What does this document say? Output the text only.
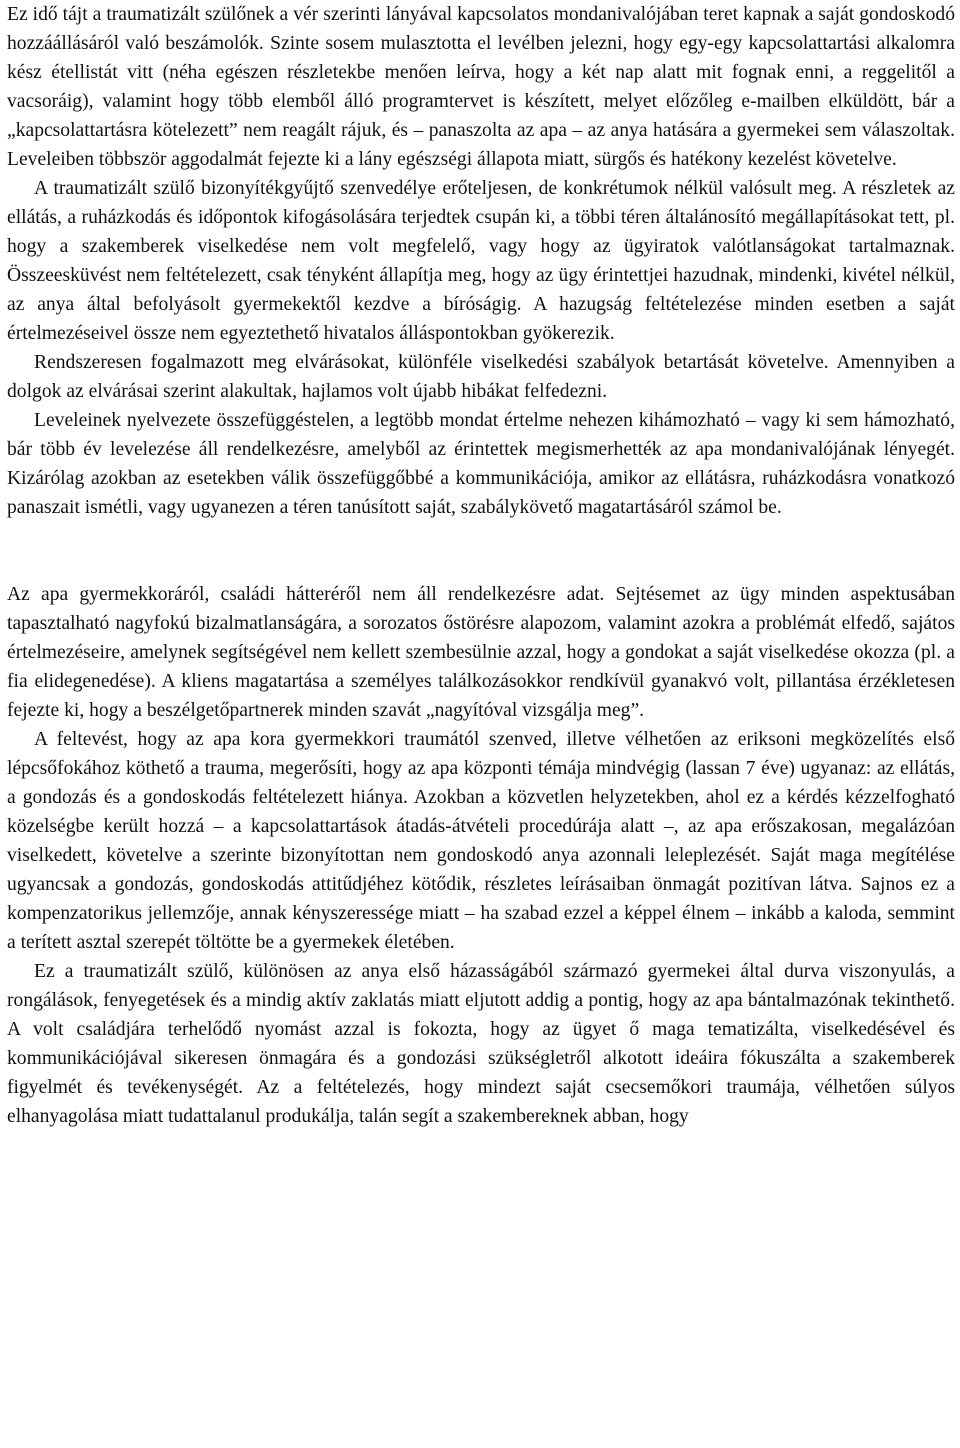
Ez idő tájt a traumatizált szülőnek a vér szerinti lányával kapcsolatos mondanivalójában teret kapnak a saját gondoskodó hozzáállásáról való beszámolók. Szinte sosem mulasztotta el levélben jelezni, hogy egy-egy kapcsolattartási alkalomra kész étellistát vitt (néha egészen részletekbe menően leírva, hogy a két nap alatt mit fognak enni, a reggelitől a vacsoráig), valamint hogy több elemből álló programtervet is készített, melyet előzőleg e-mailben elküldött, bár a „kapcsolattartásra kötelezett” nem reagált rájuk, és – panaszolta az apa – az anya hatására a gyermekei sem válaszoltak. Leveleiben többször aggodalmát fejezte ki a lány egészségi állapota miatt, sürgős és hatékony kezelést követelve.

A traumatizált szülő bizonyítékgyűjtő szenvedélye erőteljesen, de konkrétumok nélkül valósult meg. A részletek az ellátás, a ruházkodás és időpontok kifogásolására terjedtek csupán ki, a többi téren általánosító megállapításokat tett, pl. hogy a szakemberek viselkedése nem volt megfelelő, vagy hogy az ügyiratok valótlanságokat tartalmaznak. Összeesküvést nem feltételezett, csak tényként állapítja meg, hogy az ügy érintettjei hazudnak, mindenki, kivétel nélkül, az anya által befolyásolt gyermekektől kezdve a bíróságig. A hazugság feltételezése minden esetben a saját értelmezéseivel össze nem egyeztethető hivatalos álláspontokban gyökerezik.

Rendszeresen fogalmazott meg elvárásokat, különféle viselkedési szabályok betartását követelve. Amennyiben a dolgok az elvárásai szerint alakultak, hajlamos volt újabb hibákat felfedezni.

Leveleinek nyelvezete összefüggéstelen, a legtöbb mondat értelme nehezen kihámozható – vagy ki sem hámozható, bár több év levelezése áll rendelkezésre, amelyből az érintettek megismerhették az apa mondanivalójának lényegét. Kizárólag azokban az esetekben válik összefüggőbbé a kommunikációja, amikor az ellátásra, ruházkodásra vonatkozó panaszait ismétli, vagy ugyanezen a téren tanúsított saját, szabálykövető magatartásáról számol be.

Az apa gyermekkoráról, családi hátteréről nem áll rendelkezésre adat. Sejtésemet az ügy minden aspektusában tapasztalható nagyfokú bizalmatlanságára, a sorozatos őstörésre alapozom, valamint azokra a problémát elfedő, sajátos értelmezéseire, amelynek segítségével nem kellett szembesülnie azzal, hogy a gondokat a saját viselkedése okozza (pl. a fia elidegenedése). A kliens magatartása a személyes találkozásokkor rendkívül gyanakvó volt, pillantása érzékletesen fejezte ki, hogy a beszélgetőpartnerek minden szavát „nagyítóval vizsgálja meg”.

A feltevést, hogy az apa kora gyermekkori traumától szenved, illetve vélhetően az eriksoni megközelítés első lépcsőfokához köthető a trauma, megerősíti, hogy az apa központi témája mindvégig (lassan 7 éve) ugyanaz: az ellátás, a gondozás és a gondoskodás feltételezett hiánya. Azokban a közvetlen helyzetekben, ahol ez a kérdés kézzelfogható közelségbe került hozzá – a kapcsolattartások átadás-átvételi procedúrája alatt –, az apa erőszakosan, megalázóan viselkedett, követelve a szerinte bizonyítottan nem gondoskodó anya azonnali leleplezését. Saját maga megítélése ugyancsak a gondozás, gondoskodás attitűdjéhez kötődik, részletes leírásaiban önmagát pozitívan látva. Sajnos ez a kompenzatorikus jellemzője, annak kényszeressége miatt – ha szabad ezzel a képpel élnem – inkább a kaloda, semmint a terített asztal szerepét töltötte be a gyermekek életében.

Ez a traumatizált szülő, különösen az anya első házasságából származó gyermekei által durva viszonyulás, a rongálások, fenyegetések és a mindig aktív zaklatás miatt eljutott addig a pontig, hogy az apa bántalmazónak tekinthető. A volt családjára terhelődő nyomást azzal is fokozta, hogy az ügyet ő maga tematizálta, viselkedésével és kommunikációjával sikeresen önmagára és a gondozási szükségletről alkotott ideáira fókuszálta a szakemberek figyelmét és tevékenységét. Az a feltételezés, hogy mindezt saját csecsemőkori traumája, vélhetően súlyos elhanyagolása miatt tudattalanul produkálja, talán segít a szakembereknek abban, hogy
